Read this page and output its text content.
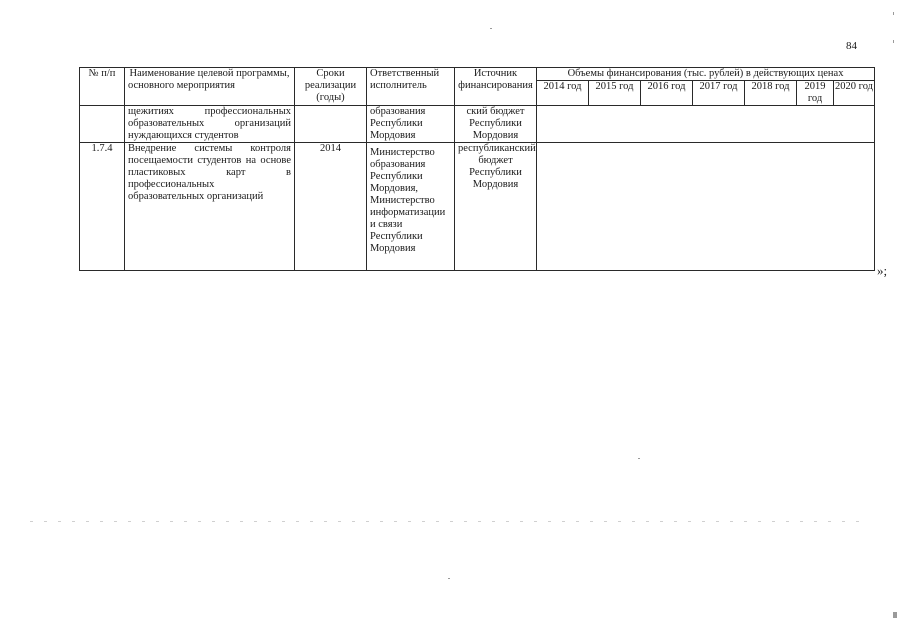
84
№ п/п	Наименование целевой программы, основного мероприятия	Сроки реализации (годы)	Ответственный исполнитель	Источник финансирования	Объемы финансирования (тыс. рублей) в действующих ценах						
					2014 год	2015 год	2016 год	2017 год	2018 год	2019 год	2020 год
	щежитиях профессиональных образовательных организаций нуждающихся студентов		образования Республики Мордовия	ский бюджет Республики Мордовия							
1.7.4	Внедрение системы контроля посещаемости студентов на основе пластиковых карт в профессиональных образовательных организаций	2014	Министерство образования Республики Мордовия, Министерство информатизации и связи Республики Мордовия	республиканский бюджет Республики Мордовия							
»;
